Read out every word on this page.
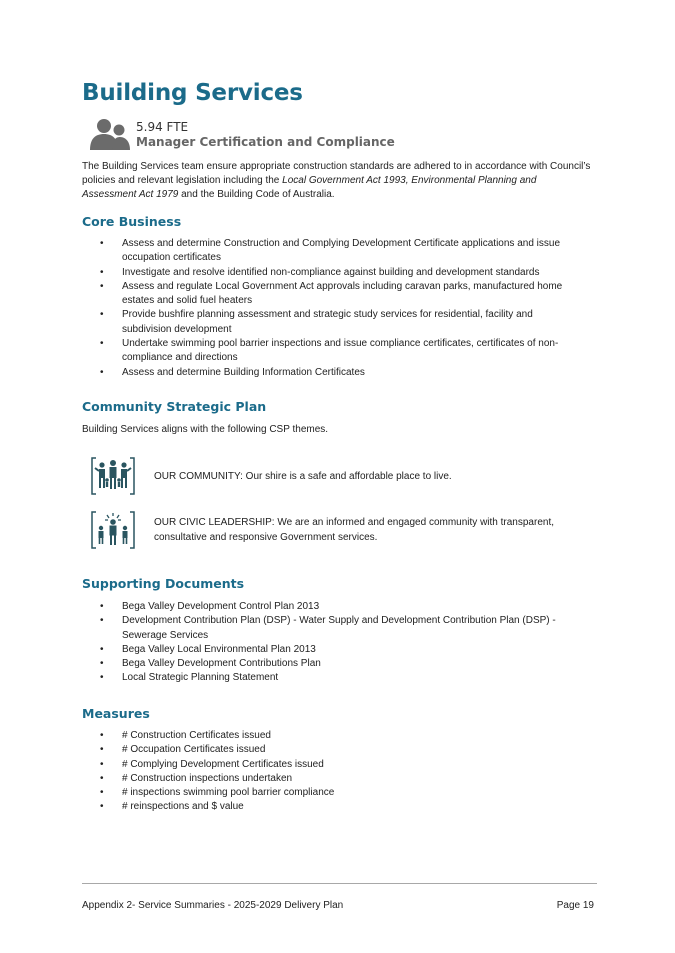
Building Services
5.94 FTE
Manager Certification and Compliance

The Building Services team ensure appropriate construction standards are adhered to in accordance with Council’s policies and relevant legislation including the Local Government Act 1993, Environmental Planning and Assessment Act 1979 and the Building Code of Australia.

Core Business
• Assess and determine Construction and Complying Development Certificate applications and issue occupation certificates
• Investigate and resolve identified non-compliance against building and development standards
• Assess and regulate Local Government Act approvals including caravan parks, manufactured home estates and solid fuel heaters
• Provide bushfire planning assessment and strategic study services for residential, facility and subdivision development
• Undertake swimming pool barrier inspections and issue compliance certificates, certificates of non-compliance and directions
• Assess and determine Building Information Certificates
Community Strategic Plan

Building Services aligns with the following CSP themes.

OUR COMMUNITY: Our shire is a safe and affordable place to live.
OUR CIVIC LEADERSHIP: We are an informed and engaged community with transparent, consultative and responsive Government services.
Supporting Documents
• Bega Valley Development Control Plan 2013
• Development Contribution Plan (DSP) - Water Supply and Development Contribution Plan (DSP) - Sewerage Services
• Bega Valley Local Environmental Plan 2013
• Bega Valley Development Contributions Plan
• Local Strategic Planning Statement
Measures
• # Construction Certificates issued
• # Occupation Certificates issued
• # Complying Development Certificates issued
• # Construction inspections undertaken
• # inspections swimming pool barrier compliance
• # reinspections and $ value
Appendix 2- Service Summaries - 2025-2029 Delivery Plan	Page 19
